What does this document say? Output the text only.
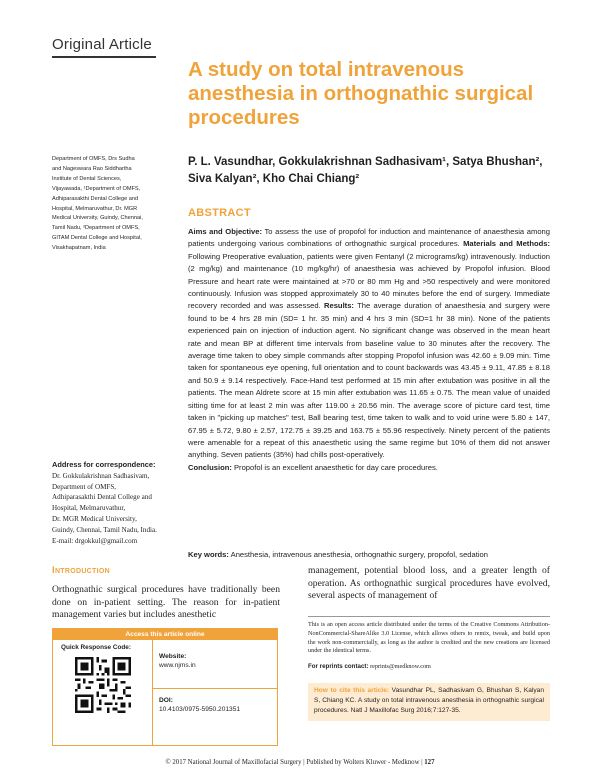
Original Article
A study on total intravenous anesthesia in orthognathic surgical procedures
P. L. Vasundhar, Gokkulakrishnan Sadhasivam¹, Satya Bhushan²,
Siva Kalyan², Kho Chai Chiang²
Department of OMFS, Drs Sudha
and Nageswara Rao Siddhartha
Institute of Dental Sciences,
Vijayawada, ¹Department of OMFS,
Adhiparasakthi Dental College and
Hospital, Melmaruvathur, Dr. MGR
Medical University, Guindy, Chennai,
Tamil Nadu, ²Department of OMFS,
GITAM Dental College and Hospital,
Visakhapatnam, India
ABSTRACT
Aims and Objective: To assess the use of propofol for induction and maintenance of anaesthesia among patients undergoing various combinations of orthognathic surgical procedures. Materials and Methods: Following Preoperative evaluation, patients were given Fentanyl (2 micrograms/kg) intravenously. Induction (2 mg/kg) and maintenance (10 mg/kg/hr) of anaesthesia was achieved by Propofol infusion. Blood Pressure and heart rate were maintained at >70 or 80 mm Hg and >50 respectively and were monitored continuously. Infusion was stopped approximately 30 to 40 minutes before the end of surgery. Immediate recovery recorded and was assessed. Results: The average duration of anaesthesia and surgery were found to be 4 hrs 28 min (SD= 1 hr. 35 min) and 4 hrs 3 min (SD=1 hr 38 min). None of the patients experienced pain on injection of induction agent. No significant change was observed in the mean heart rate and mean BP at different time intervals from baseline value to 30 minutes after the recovery. The average time taken to obey simple commands after stopping Propofol infusion was 42.60 ± 9.09 min. Time taken for spontaneous eye opening, full orientation and to count backwards was 43.45 ± 9.11, 47.85 ± 8.18 and 50.9 ± 9.14 respectively. Face-Hand test performed at 15 min after extubation was positive in all the patients. The mean Aldrete score at 15 min after extubation was 11.65 ± 0.75. The mean value of unaided sitting time for at least 2 min was after 119.00 ± 20.56 min. The average score of picture card test, time taken in "picking up matches" test, Ball bearing test, time taken to walk and to void urine were 5.80 ± 147, 67.95 ± 5.72, 9.80 ± 2.57, 172.75 ± 39.25 and 163.75 ± 55.96 respectively. Ninety percent of the patients were amenable for a repeat of this anaesthetic using the same regime but 10% of them did not answer anything. Seven patients (35%) had chills post-operatively.
Conclusion: Propofol is an excellent anaesthetic for day care procedures.
Key words: Anesthesia, intravenous anesthesia, orthognathic surgery, propofol, sedation
Address for correspondence:
Dr. Gokkulakrishnan Sadhasivam,
Department of OMFS,
Adhiparasakthi Dental College and
Hospital, Melmaruvathur,
Dr. MGR Medical University,
Guindy, Chennai, Tamil Nadu, India.
E-mail: drgokkul@gmail.com
Introduction
Orthognathic surgical procedures have traditionally been done on in-patient setting. The reason for in-patient management varies but includes anesthetic
management, potential blood loss, and a greater length of operation. As orthognathic surgical procedures have evolved, several aspects of management of
Access this article online
Quick Response Code:
Website:
www.njms.in
DOI:
10.4103/0975-5950.201351
This is an open access article distributed under the terms of the Creative Commons Attribution-NonCommercial-ShareAlike 3.0 License, which allows others to remix, tweak, and build upon the work non-commercially, as long as the author is credited and the new creations are licensed under the identical terms.
For reprints contact: reprints@medknow.com
How to cite this article: Vasundhar PL, Sadhasivam G, Bhushan S, Kalyan S, Chiang KC. A study on total intravenous anesthesia in orthognathic surgical procedures. Natl J Maxillofac Surg 2016;7:127-35.
© 2017 National Journal of Maxillofacial Surgery | Published by Wolters Kluwer - Medknow | 127
